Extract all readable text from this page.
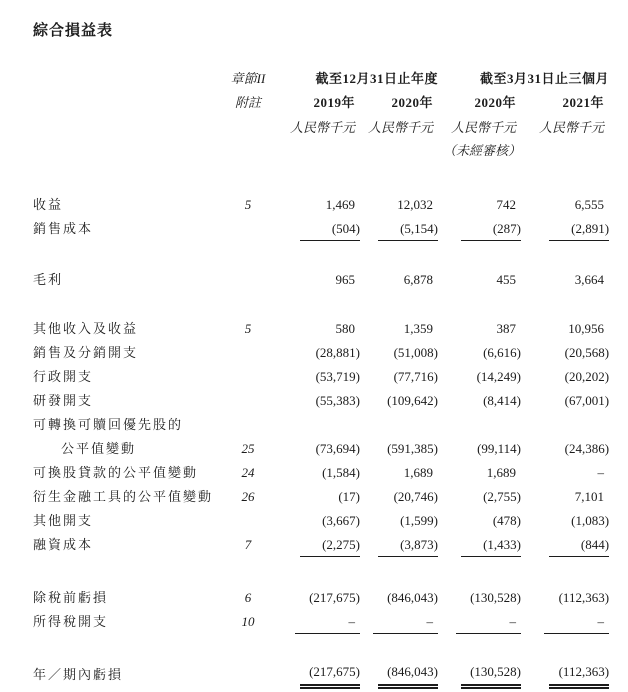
綜合損益表
	章節II	截至12月31日止年度		截至3月31日止三個月	
	附註	2019年	2020年	2020年	2021年
		人民幣千元	人民幣千元	人民幣千元	人民幣千元
				（未經審核）	

收益	5	1,469	12,032	742	6,555
銷售成本		(504)	(5,154)	(287)	(2,891)

毛利		965	6,878	455	3,664

其他收入及收益	5	580	1,359	387	10,956
銷售及分銷開支		(28,881)	(51,008)	(6,616)	(20,568)
行政開支		(53,719)	(77,716)	(14,249)	(20,202)
研發開支		(55,383)	(109,642)	(8,414)	(67,001)
可轉換可贖回優先股的					
公平值變動	25	(73,694)	(591,385)	(99,114)	(24,386)
可換股貸款的公平值變動	24	(1,584)	1,689	1,689	–
衍生金融工具的公平值變動	26	(17)	(20,746)	(2,755)	7,101
其他開支		(3,667)	(1,599)	(478)	(1,083)
融資成本	7	(2,275)	(3,873)	(1,433)	(844)

除稅前虧損	6	(217,675)	(846,043)	(130,528)	(112,363)
所得稅開支	10	–	–	–	–

年／期內虧損		(217,675)	(846,043)	(130,528)	(112,363)
